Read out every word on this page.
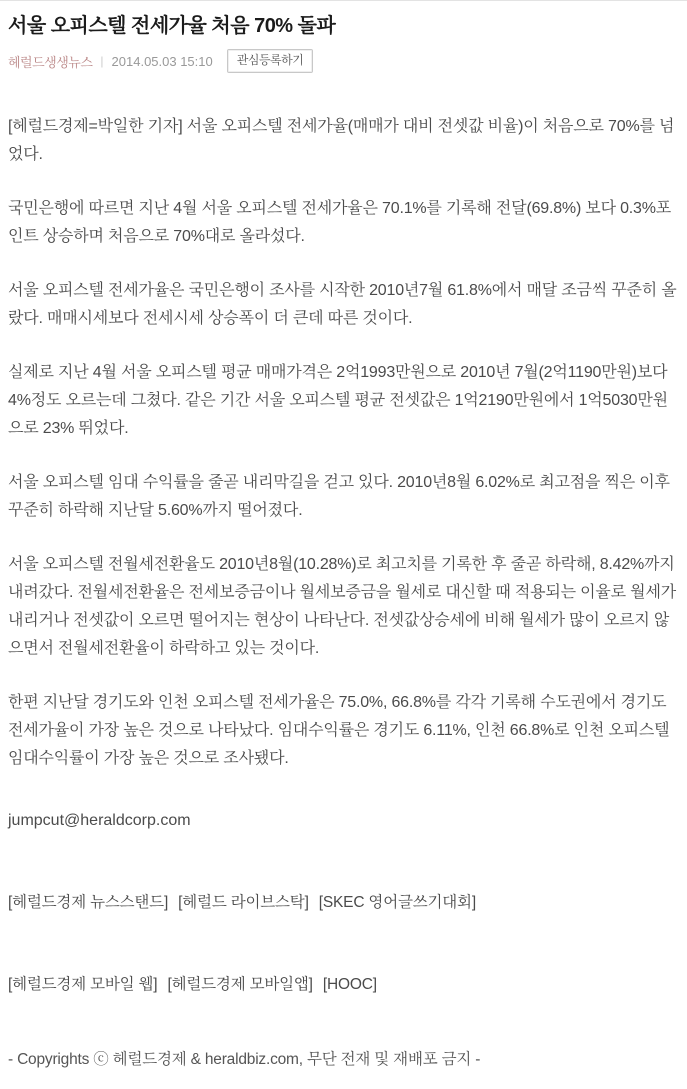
서울 오피스텔 전세가율 처음 70% 돌파
헤럴드생생뉴스 | 2014.05.03 15:10	관심등록하기

[헤럴드경제=박일한 기자] 서울 오피스텔 전세가율(매매가 대비 전셋값 비율)이 처음으로 70%를 넘었다.

국민은행에 따르면 지난 4월 서울 오피스텔 전세가율은 70.1%를 기록해 전달(69.8%) 보다 0.3%포인트 상승하며 처음으로 70%대로 올라섰다.

서울 오피스텔 전세가율은 국민은행이 조사를 시작한 2010년7월 61.8%에서 매달 조금씩 꾸준히 올랐다. 매매시세보다 전세시세 상승폭이 더 큰데 따른 것이다.

실제로 지난 4월 서울 오피스텔 평균 매매가격은 2억1993만원으로 2010년 7월(2억1190만원)보다 4%정도 오르는데 그쳤다. 같은 기간 서울 오피스텔 평균 전셋값은 1억2190만원에서 1억5030만원으로 23% 뛰었다.

서울 오피스텔 임대 수익률을 줄곧 내리막길을 걷고 있다. 2010년8월 6.02%로 최고점을 찍은 이후 꾸준히 하락해 지난달 5.60%까지 떨어졌다.

서울 오피스텔 전월세전환율도 2010년8월(10.28%)로 최고치를 기록한 후 줄곧 하락해, 8.42%까지 내려갔다. 전월세전환율은 전세보증금이나 월세보증금을 월세로 대신할 때 적용되는 이율로 월세가 내리거나 전셋값이 오르면 떨어지는 현상이 나타난다. 전셋값상승세에 비해 월세가 많이 오르지 않으면서 전월세전환율이 하락하고 있는 것이다.

한편 지난달 경기도와 인천 오피스텔 전세가율은 75.0%, 66.8%를 각각 기록해 수도권에서 경기도 전세가율이 가장 높은 것으로 나타났다. 임대수익률은 경기도 6.11%, 인천 66.8%로 인천 오피스텔 임대수익률이 가장 높은 것으로 조사됐다.

jumpcut@heraldcorp.com
[헤럴드경제 뉴스스탠드] [헤럴드 라이브스탁] [SKEC 영어글쓰기대회]
[헤럴드경제 모바일 웹] [헤럴드경제 모바일앱] [HOOC]
- Copyrights ⓒ 헤럴드경제 & heraldbiz.com, 무단 전재 및 재배포 금지 -
